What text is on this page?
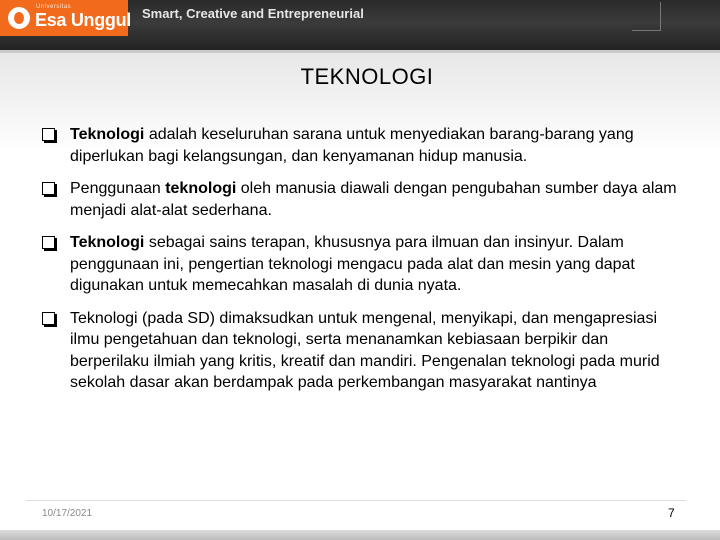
Universitas
Esa Unggul Smart, Creative and Entrepreneurial
TEKNOLOGI
Teknologi adalah keseluruhan sarana untuk menyediakan barang-barang yang diperlukan bagi kelangsungan, dan kenyamanan hidup manusia.
Penggunaan teknologi oleh manusia diawali dengan pengubahan sumber daya alam menjadi alat-alat sederhana.
Teknologi sebagai sains terapan, khususnya para ilmuan dan insinyur. Dalam penggunaan ini, pengertian teknologi mengacu pada alat dan mesin yang dapat digunakan untuk memecahkan masalah di dunia nyata.
Teknologi (pada SD) dimaksudkan untuk mengenal, menyikapi, dan mengapresiasi ilmu pengetahuan dan teknologi, serta menanamkan kebiasaan berpikir dan berperilaku ilmiah yang kritis, kreatif dan mandiri. Pengenalan teknologi pada murid sekolah dasar akan berdampak pada perkembangan masyarakat nantinya
10/17/2021	7
